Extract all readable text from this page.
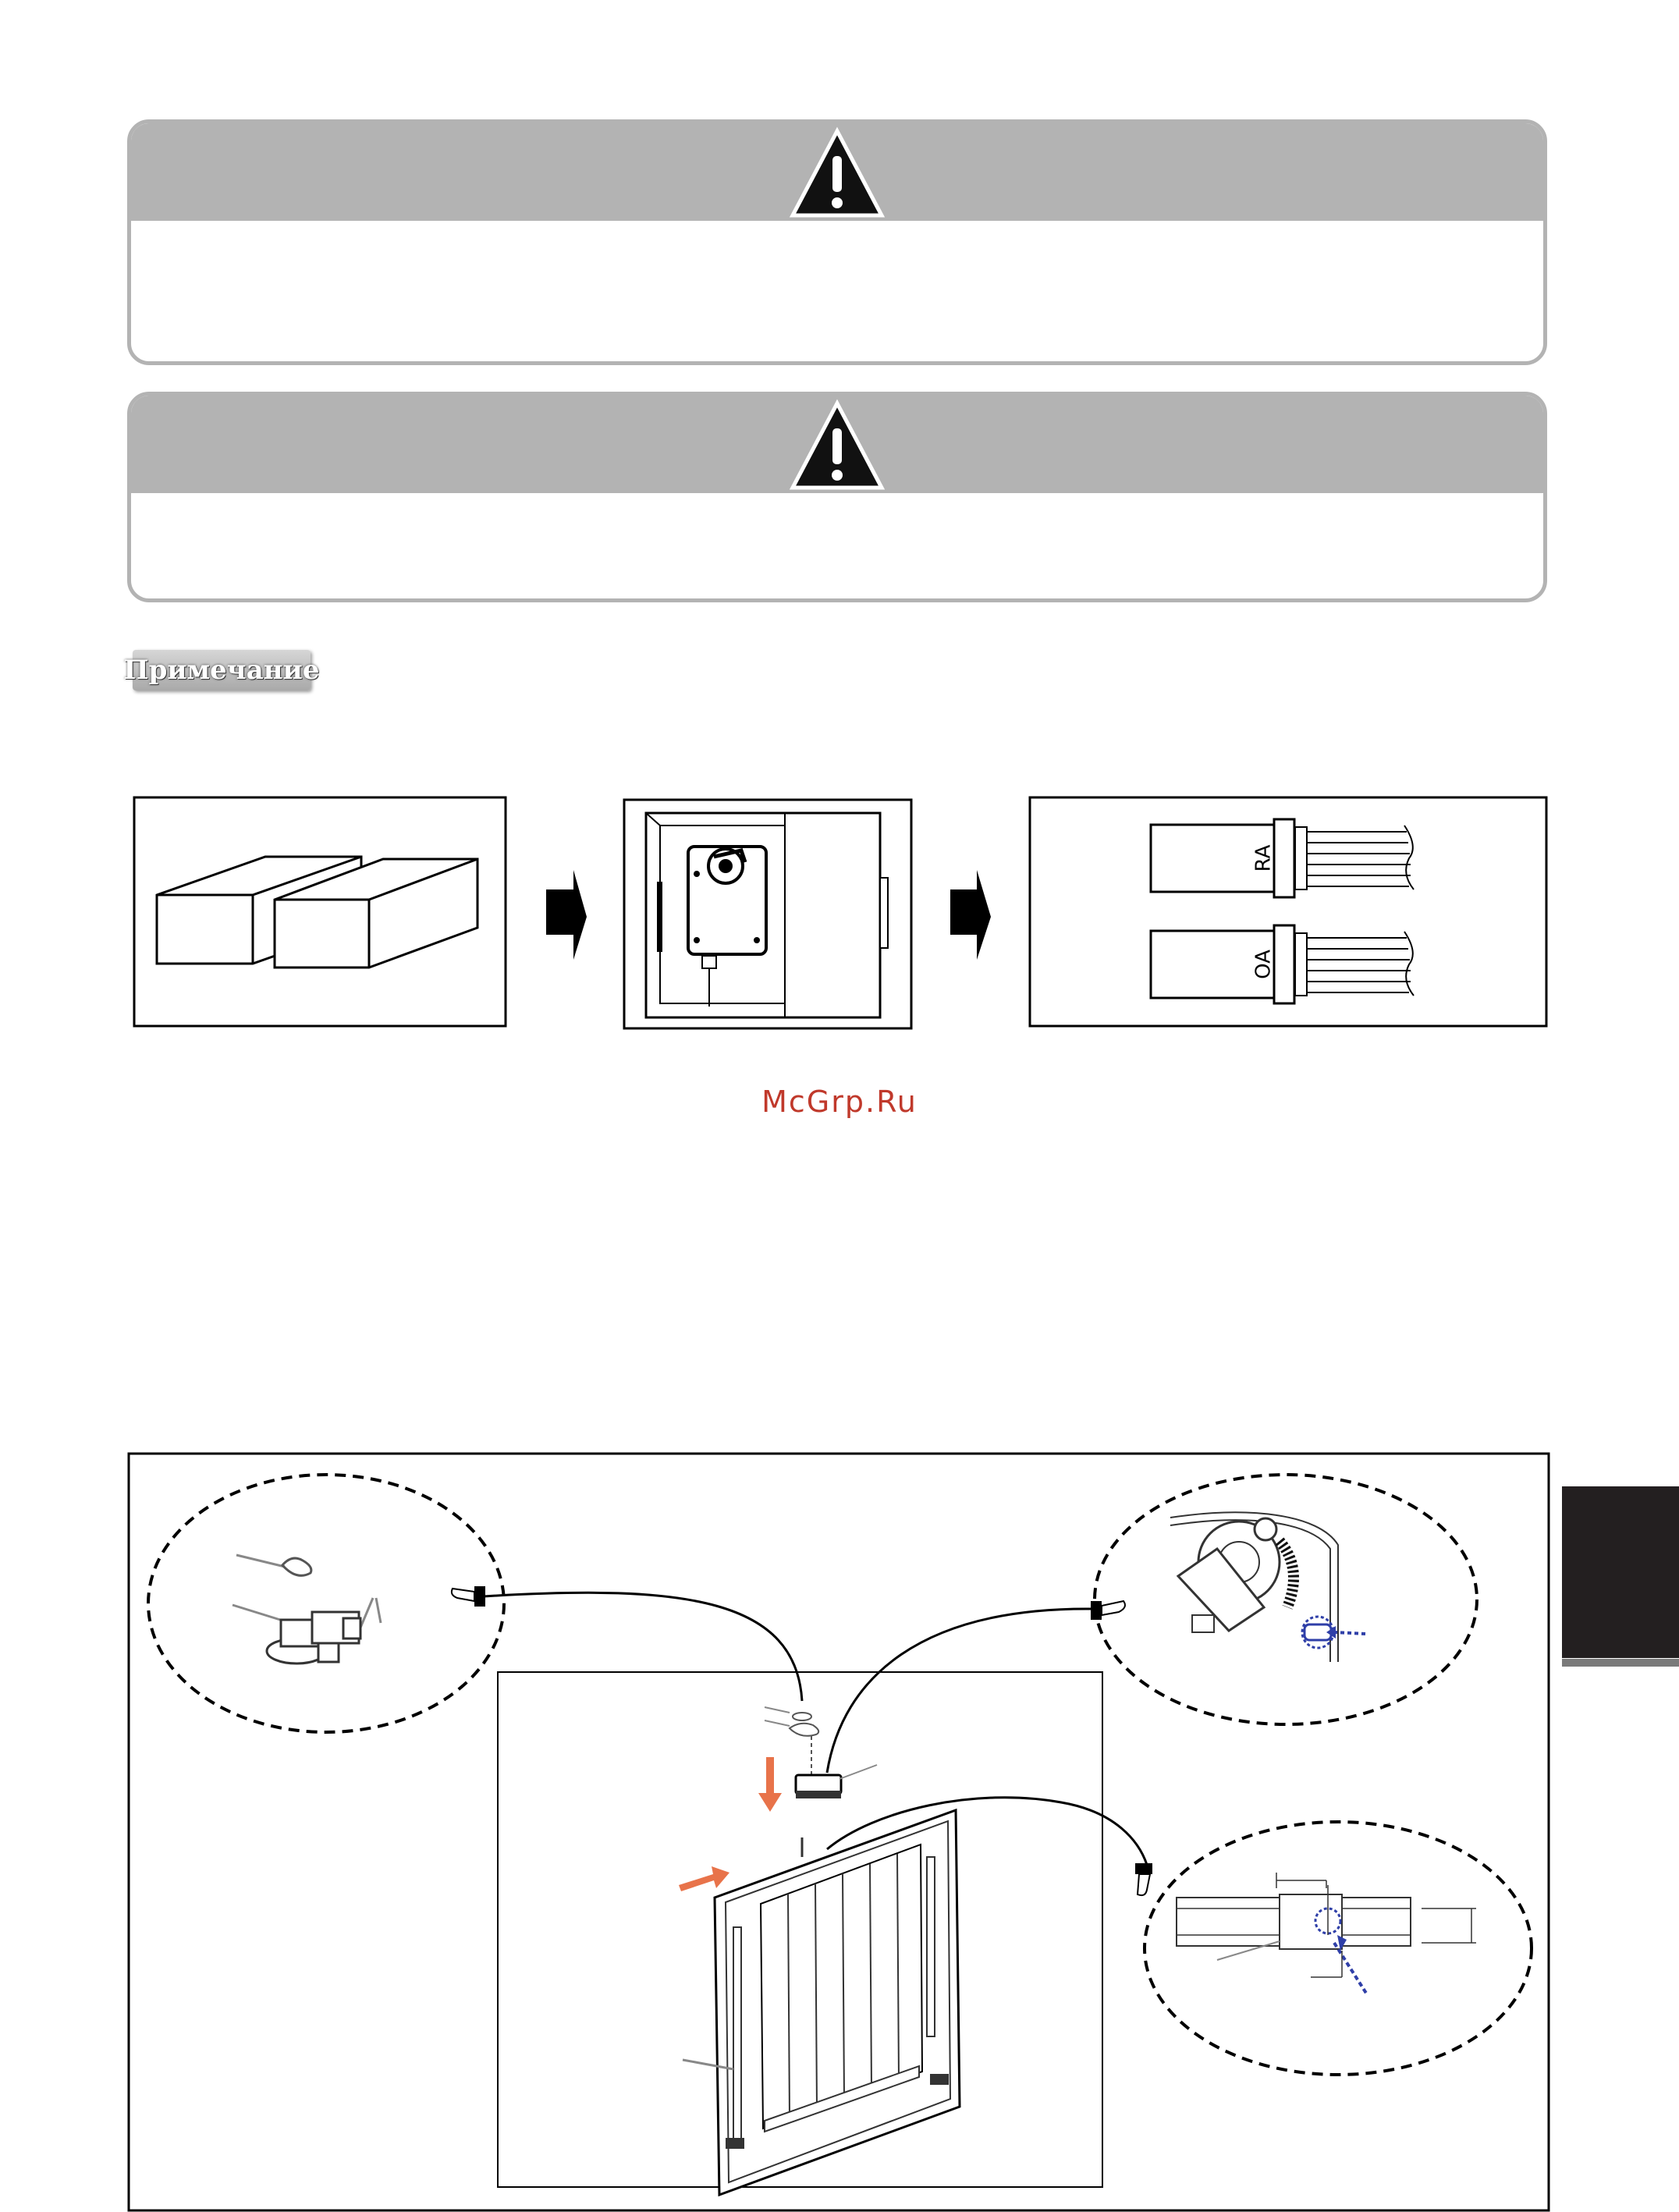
Примечание
RA
OA
McGrp.Ru
